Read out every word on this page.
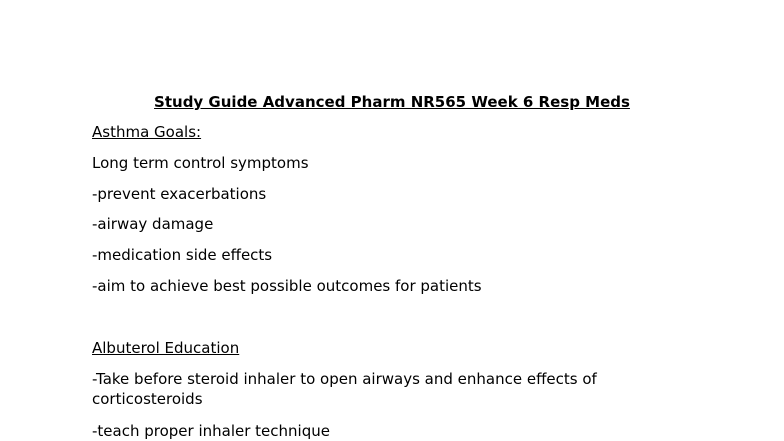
Study Guide Advanced Pharm NR565 Week 6 Resp Meds
Asthma Goals:
Long term control symptoms
-prevent exacerbations
-airway damage
-medication side effects
-aim to achieve best possible outcomes for patients
Albuterol Education
-Take before steroid inhaler to open airways and enhance effects of corticosteroids
-teach proper inhaler technique
